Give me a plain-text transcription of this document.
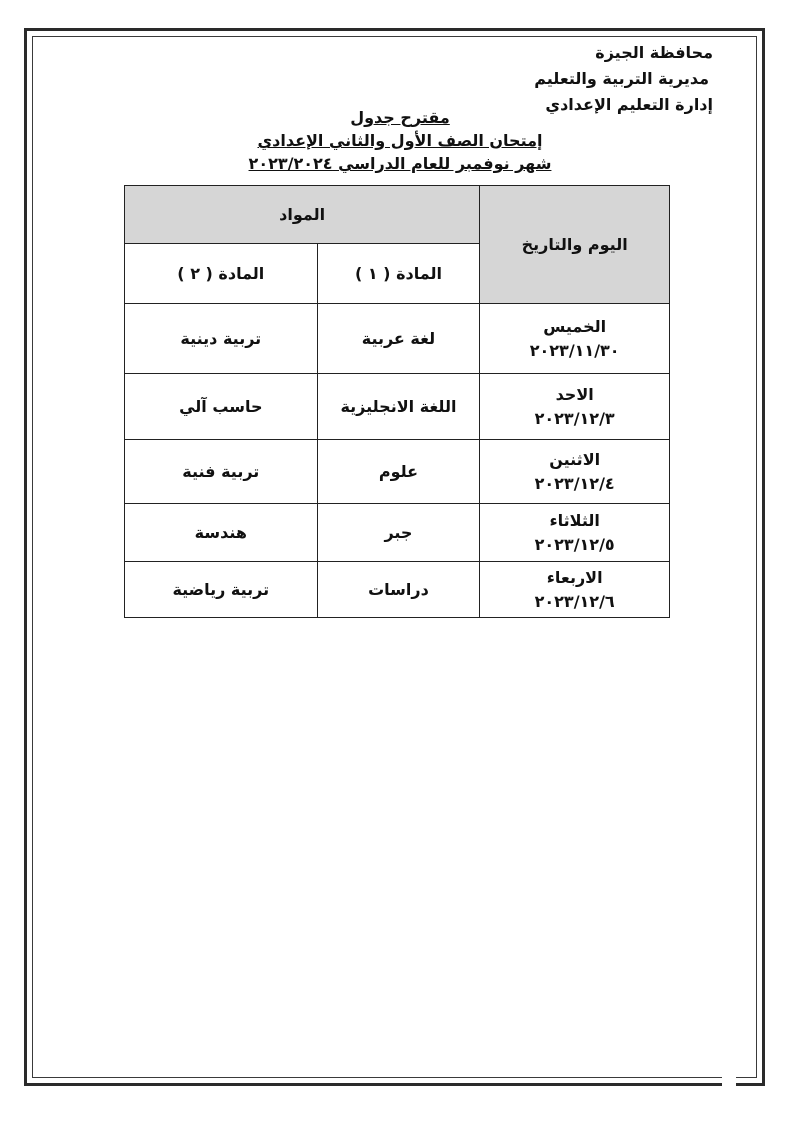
محافظة الجيزة
مديرية التربية والتعليم
إدارة التعليم الإعدادي
مقترح جدول
إمتحان الصف الأول والثاني الإعدادي
شهر نوفمبر للعام الدراسي ٢٠٢٣/٢٠٢٤
اليوم والتاريخ	المواد	
	المادة ( ١ )	المادة ( ٢ )

الخميس
٢٠٢٣/١١/٣٠	لغة عربية	تربية دينية

الاحد
٢٠٢٣/١٢/٣	اللغة الانجليزية	حاسب آلي

الاثنين
٢٠٢٣/١٢/٤	علوم	تربية فنية

الثلاثاء
٢٠٢٣/١٢/٥	جبر	هندسة

الاربعاء
٢٠٢٣/١٢/٦	دراسات	تربية رياضية
